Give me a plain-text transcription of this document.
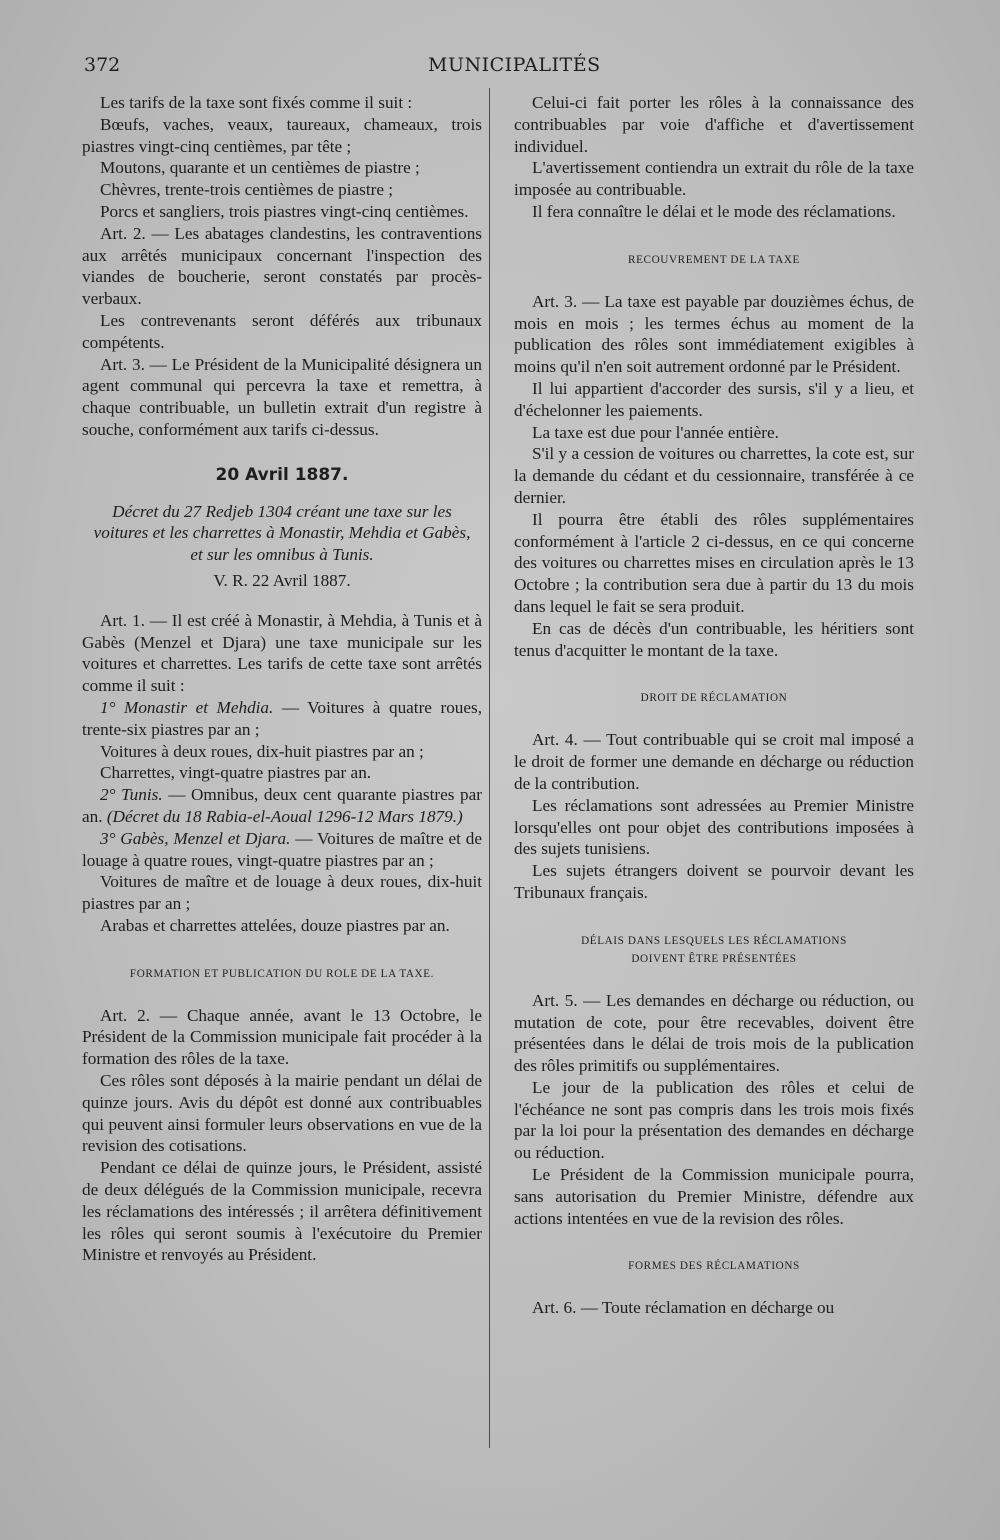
372	MUNICIPALITÉS

Les tarifs de la taxe sont fixés comme il suit :

Bœufs, vaches, veaux, taureaux, chameaux, trois piastres vingt-cinq centièmes, par tête ;

Moutons, quarante et un centièmes de piastre ;

Chèvres, trente-trois centièmes de piastre ;

Porcs et sangliers, trois piastres vingt-cinq centièmes.

Art. 2. — Les abatages clandestins, les contraventions aux arrêtés municipaux concernant l'inspection des viandes de boucherie, seront constatés par procès-verbaux.

Les contrevenants seront déférés aux tribunaux compétents.

Art. 3. — Le Président de la Municipalité désignera un agent communal qui percevra la taxe et remettra, à chaque contribuable, un bulletin extrait d'un registre à souche, conformément aux tarifs ci-dessus.

20 Avril 1887.

Décret du 27 Redjeb 1304 créant une taxe sur les voitures et les charrettes à Monastir, Mehdia et Gabès, et sur les omnibus à Tunis.

V. R. 22 Avril 1887.

Art. 1. — Il est créé à Monastir, à Mehdia, à Tunis et à Gabès (Menzel et Djara) une taxe municipale sur les voitures et charrettes. Les tarifs de cette taxe sont arrêtés comme il suit :

1° Monastir et Mehdia. — Voitures à quatre roues, trente-six piastres par an ;

Voitures à deux roues, dix-huit piastres par an ;

Charrettes, vingt-quatre piastres par an.

2° Tunis. — Omnibus, deux cent quarante piastres par an. (Décret du 18 Rabia-el-Aoual 1296-12 Mars 1879.)

3° Gabès, Menzel et Djara. — Voitures de maître et de louage à quatre roues, vingt-quatre piastres par an ;

Voitures de maître et de louage à deux roues, dix-huit piastres par an ;

Arabas et charrettes attelées, douze piastres par an.

FORMATION ET PUBLICATION DU ROLE DE LA TAXE.

Art. 2. — Chaque année, avant le 13 Octobre, le Président de la Commission municipale fait procéder à la formation des rôles de la taxe.

Ces rôles sont déposés à la mairie pendant un délai de quinze jours. Avis du dépôt est donné aux contribuables qui peuvent ainsi formuler leurs observations en vue de la revision des cotisations.

Pendant ce délai de quinze jours, le Président, assisté de deux délégués de la Commission municipale, recevra les réclamations des intéressés ; il arrêtera définitivement les rôles qui seront soumis à l'exécutoire du Premier Ministre et renvoyés au Président.

Celui-ci fait porter les rôles à la connaissance des contribuables par voie d'affiche et d'avertissement individuel.

L'avertissement contiendra un extrait du rôle de la taxe imposée au contribuable.

Il fera connaître le délai et le mode des réclamations.

RECOUVREMENT DE LA TAXE

Art. 3. — La taxe est payable par douzièmes échus, de mois en mois ; les termes échus au moment de la publication des rôles sont immédiatement exigibles à moins qu'il n'en soit autrement ordonné par le Président.

Il lui appartient d'accorder des sursis, s'il y a lieu, et d'échelonner les paiements.

La taxe est due pour l'année entière.

S'il y a cession de voitures ou charrettes, la cote est, sur la demande du cédant et du cessionnaire, transférée à ce dernier.

Il pourra être établi des rôles supplémentaires conformément à l'article 2 ci-dessus, en ce qui concerne des voitures ou charrettes mises en circulation après le 13 Octobre ; la contribution sera due à partir du 13 du mois dans lequel le fait se sera produit.

En cas de décès d'un contribuable, les héritiers sont tenus d'acquitter le montant de la taxe.

DROIT DE RÉCLAMATION

Art. 4. — Tout contribuable qui se croit mal imposé a le droit de former une demande en décharge ou réduction de la contribution.

Les réclamations sont adressées au Premier Ministre lorsqu'elles ont pour objet des contributions imposées à des sujets tunisiens.

Les sujets étrangers doivent se pourvoir devant les Tribunaux français.

DÉLAIS DANS LESQUELS LES RÉCLAMATIONS
DOIVENT ÊTRE PRÉSENTÉES

Art. 5. — Les demandes en décharge ou réduction, ou mutation de cote, pour être recevables, doivent être présentées dans le délai de trois mois de la publication des rôles primitifs ou supplémentaires.

Le jour de la publication des rôles et celui de l'échéance ne sont pas compris dans les trois mois fixés par la loi pour la présentation des demandes en décharge ou réduction.

Le Président de la Commission municipale pourra, sans autorisation du Premier Ministre, défendre aux actions intentées en vue de la revision des rôles.

FORMES DES RÉCLAMATIONS

Art. 6. — Toute réclamation en décharge ou
